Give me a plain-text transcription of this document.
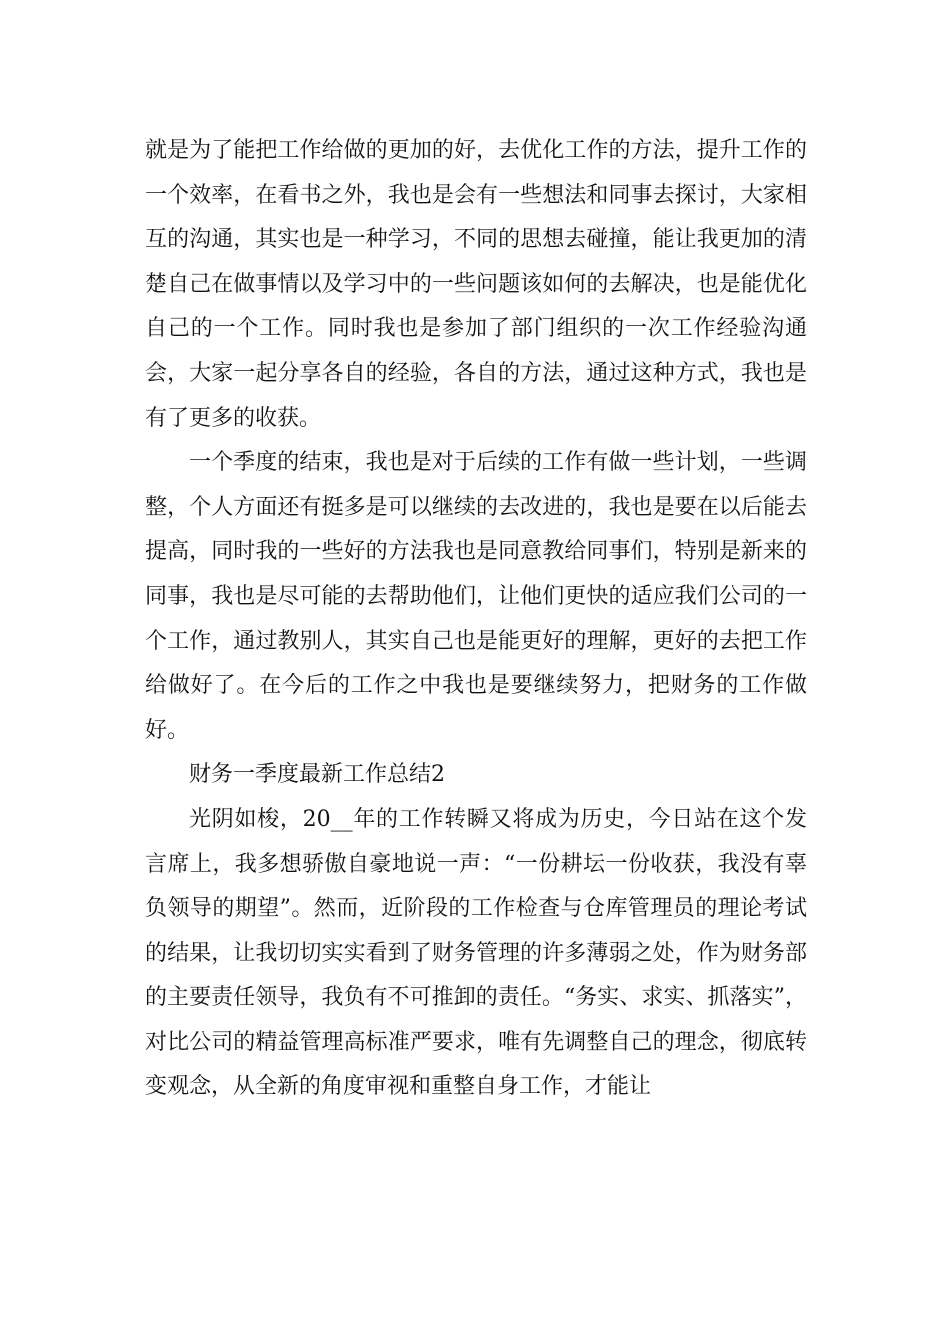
就是为了能把工作给做的更加的好，去优化工作的方法，提升工作的一个效率，在看书之外，我也是会有一些想法和同事去探讨，大家相互的沟通，其实也是一种学习，不同的思想去碰撞，能让我更加的清楚自己在做事情以及学习中的一些问题该如何的去解决，也是能优化自己的一个工作。同时我也是参加了部门组织的一次工作经验沟通会，大家一起分享各自的经验，各自的方法，通过这种方式，我也是有了更多的收获。

一个季度的结束，我也是对于后续的工作有做一些计划，一些调整，个人方面还有挺多是可以继续的去改进的，我也是要在以后能去提高，同时我的一些好的方法我也是同意教给同事们，特别是新来的同事，我也是尽可能的去帮助他们，让他们更快的适应我们公司的一个工作，通过教别人，其实自己也是能更好的理解，更好的去把工作给做好了。在今后的工作之中我也是要继续努力，把财务的工作做好。

财务一季度最新工作总结2

光阴如梭，20__年的工作转瞬又将成为历史，今日站在这个发言席上，我多想骄傲自豪地说一声：“一份耕坛一份收获，我没有辜负领导的期望”。然而，近阶段的工作检查与仓库管理员的理论考试的结果，让我切切实实看到了财务管理的许多薄弱之处，作为财务部的主要责任领导，我负有不可推卸的责任。“务实、求实、抓落实”，对比公司的精益管理高标准严要求，唯有先调整自己的理念，彻底转变观念，从全新的角度审视和重整自身工作，才能让
